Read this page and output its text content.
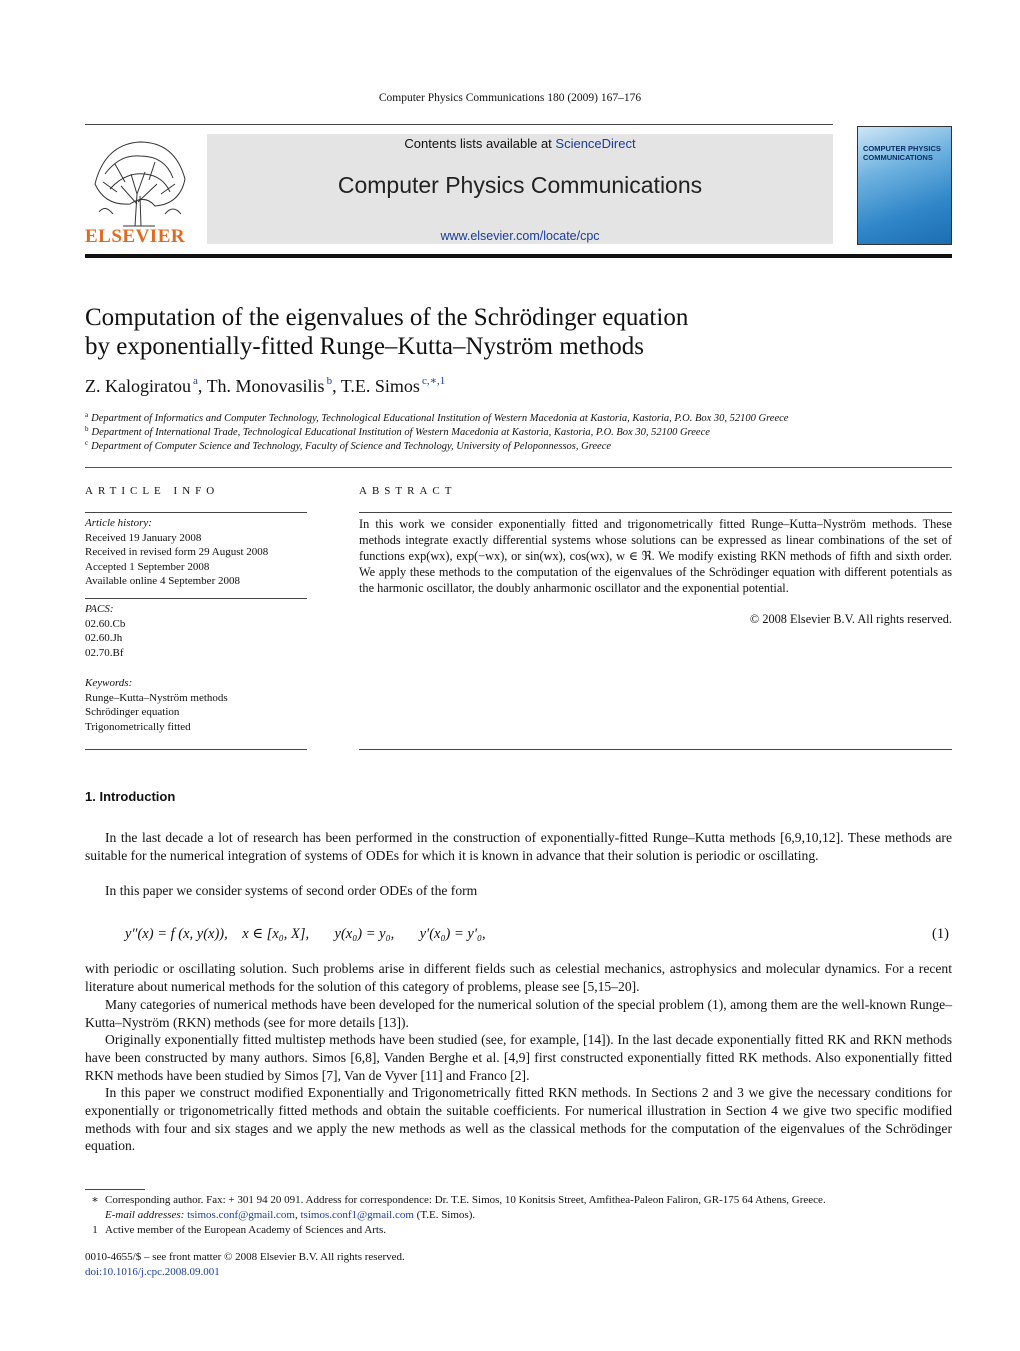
Computer Physics Communications 180 (2009) 167–176
ELSEVIER
Contents lists available at ScienceDirect
Computer Physics Communications
www.elsevier.com/locate/cpc
COMPUTER PHYSICS
COMMUNICATIONS
Computation of the eigenvalues of the Schrödinger equation
by exponentially-fitted Runge–Kutta–Nyström methods
Z. Kalogiratou $^a$, Th. Monovasilis $^b$, T.E. Simos $^{c,∗,1}$
$^a$ Department of Informatics and Computer Technology, Technological Educational Institution of Western Macedonia at Kastoria, Kastoria, P.O. Box 30, 52100 Greece
$^b$ Department of International Trade, Technological Educational Institution of Western Macedonia at Kastoria, Kastoria, P.O. Box 30, 52100 Greece
$^c$ Department of Computer Science and Technology, Faculty of Science and Technology, University of Peloponnessos, Greece
ARTICLE INFO
Article history:
Received 19 January 2008
Received in revised form 29 August 2008
Accepted 1 September 2008
Available online 4 September 2008
PACS:
02.60.Cb
02.60.Jh
02.70.Bf
Keywords:
Runge–Kutta–Nyström methods
Schrödinger equation
Trigonometrically fitted
ABSTRACT
In this work we consider exponentially fitted and trigonometrically fitted Runge–Kutta–Nyström methods. These methods integrate exactly differential systems whose solutions can be expressed as linear combinations of the set of functions exp(wx), exp(−wx), or sin(wx), cos(wx), w ∈ ℜ. We modify existing RKN methods of fifth and sixth order. We apply these methods to the computation of the eigenvalues of the Schrödinger equation with different potentials as the harmonic oscillator, the doubly anharmonic oscillator and the exponential potential.
© 2008 Elsevier B.V. All rights reserved.
1. Introduction
In the last decade a lot of research has been performed in the construction of exponentially-fitted Runge–Kutta methods [6,9,10,12]. These methods are suitable for the numerical integration of systems of ODEs for which it is known in advance that their solution is periodic or oscillating.
In this paper we consider systems of second order ODEs of the form
y″(x) = f (x, y(x)),    x ∈ [x₀, X],       y(x₀) = y₀,       y′(x₀) = y′₀,	(1)
with periodic or oscillating solution. Such problems arise in different fields such as celestial mechanics, astrophysics and molecular dynamics. For a recent literature about numerical methods for the solution of this category of problems, please see [5,15–20].
Many categories of numerical methods have been developed for the numerical solution of the special problem (1), among them are the well-known Runge–Kutta–Nyström (RKN) methods (see for more details [13]).
Originally exponentially fitted multistep methods have been studied (see, for example, [14]). In the last decade exponentially fitted RK and RKN methods have been constructed by many authors. Simos [6,8], Vanden Berghe et al. [4,9] first constructed exponentially fitted RK methods. Also exponentially fitted RKN methods have been studied by Simos [7], Van de Vyver [11] and Franco [2].
In this paper we construct modified Exponentially and Trigonometrically fitted RKN methods. In Sections 2 and 3 we give the necessary conditions for exponentially or trigonometrically fitted methods and obtain the suitable coefficients. For numerical illustration in Section 4 we give two specific modified methods with four and six stages and we apply the new methods as well as the classical methods for the computation of the eigenvalues of the Schrödinger equation.
∗ Corresponding author. Fax: + 301 94 20 091. Address for correspondence: Dr. T.E. Simos, 10 Konitsis Street, Amfithea-Paleon Faliron, GR-175 64 Athens, Greece.
E-mail addresses: tsimos.conf@gmail.com, tsimos.conf1@gmail.com (T.E. Simos).
1 Active member of the European Academy of Sciences and Arts.
0010-4655/$ – see front matter © 2008 Elsevier B.V. All rights reserved.
doi:10.1016/j.cpc.2008.09.001
